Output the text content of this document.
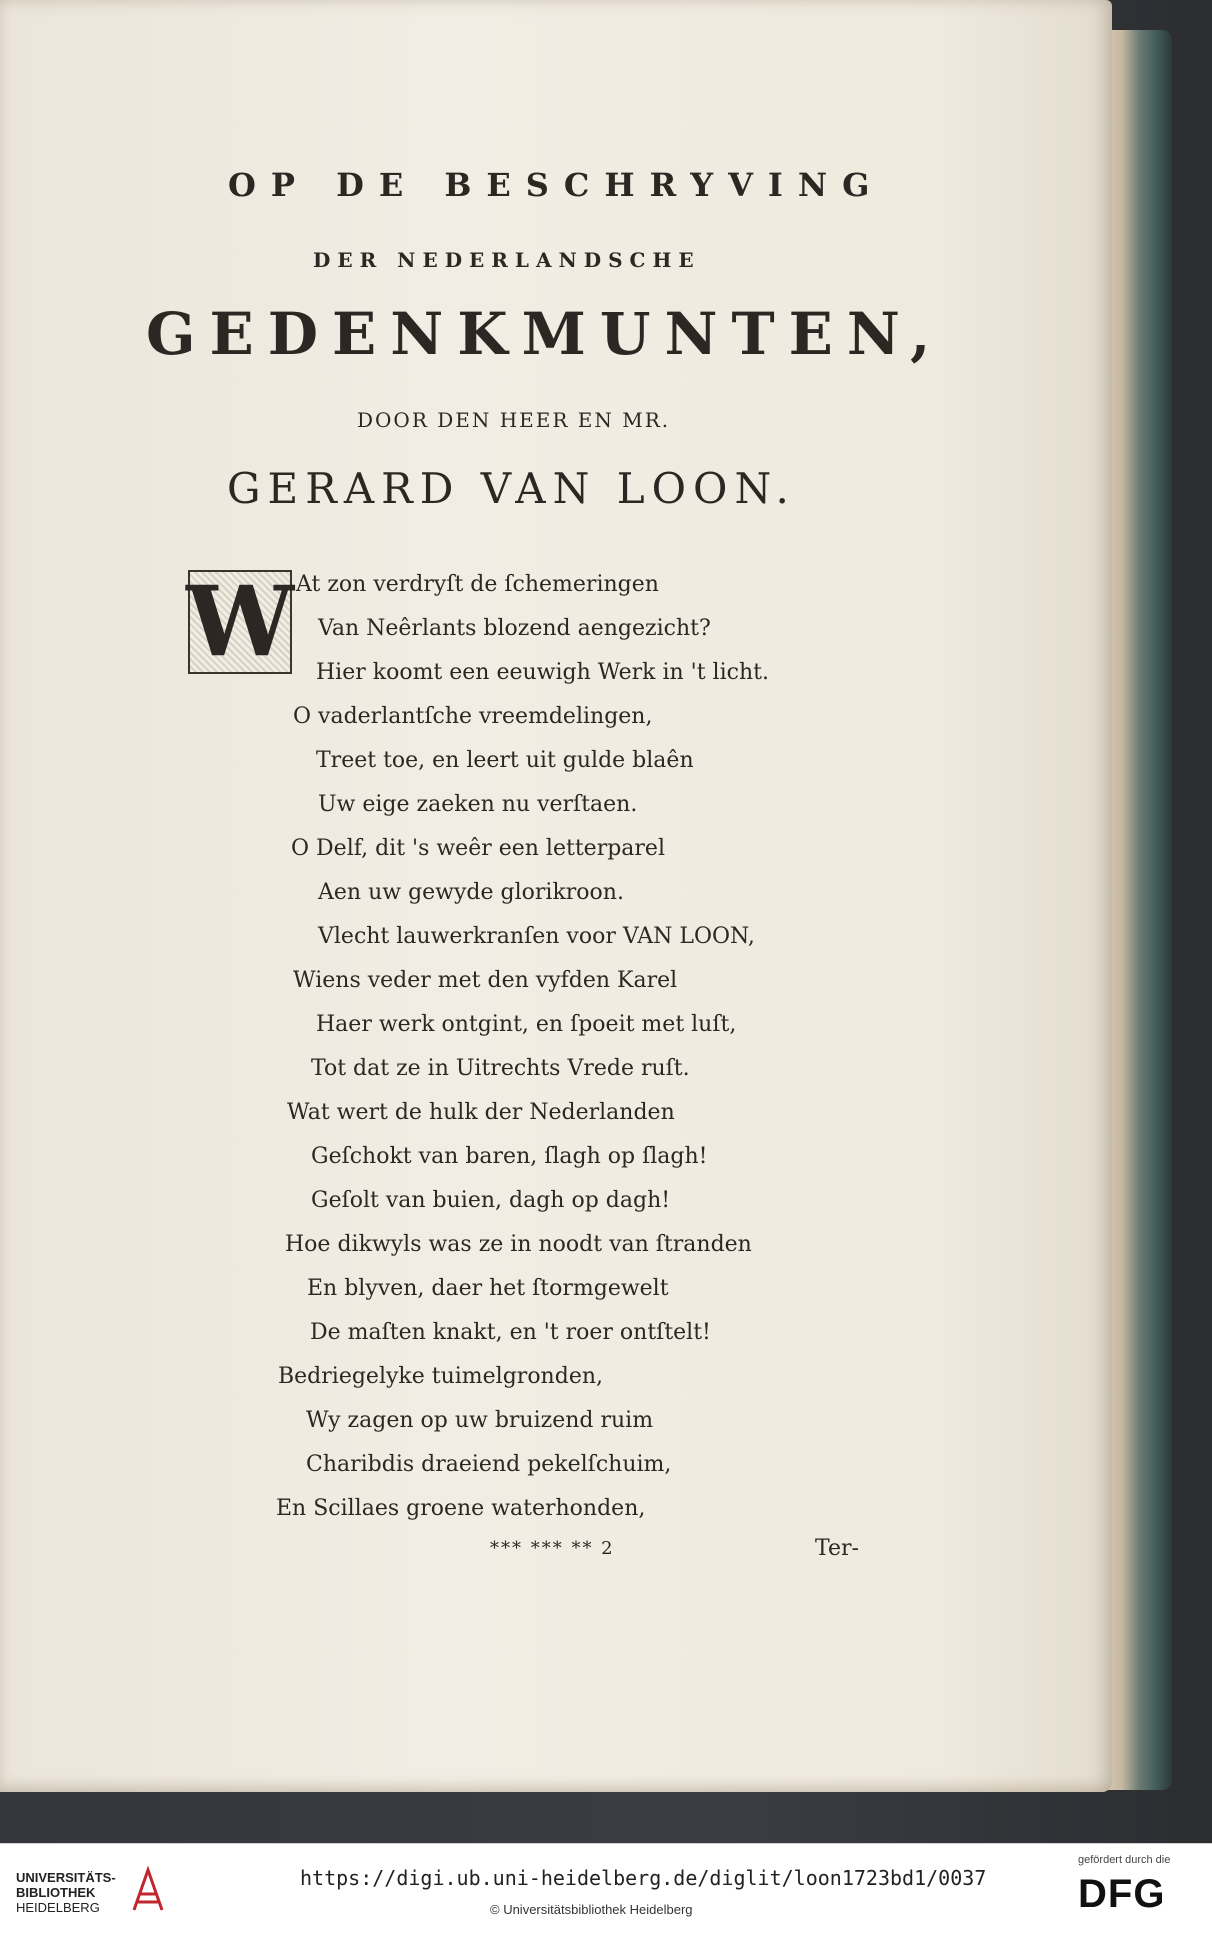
OP DE BESCHRYVING
DER NEDERLANDSCHE
GEDENKMUNTEN,
DOOR DEN HEER EN MR.
GERARD VAN LOON.
W At zon verdryſt de ſchemeringen
Van Neêrlants blozend aengezicht?
Hier koomt een eeuwigh Werk in 't licht.
O vaderlantſche vreemdelingen,
Treet toe, en leert uit gulde blaên
Uw eige zaeken nu verſtaen.
O Delf, dit 's weêr een letterparel
Aen uw gewyde glorikroon.
Vlecht lauwerkranſen voor VAN LOON,
Wiens veder met den vyfden Karel
Haer werk ontgint, en ſpoeit met luſt,
Tot dat ze in Uitrechts Vrede ruſt.
Wat wert de hulk der Nederlanden
Geſchokt van baren, ſlagh op ſlagh!
Geſolt van buien, dagh op dagh!
Hoe dikwyls was ze in noodt van ſtranden
En blyven, daer het ſtormgewelt
De maſten knakt, en 't roer ontſtelt!
Bedriegelyke tuimelgronden,
Wy zagen op uw bruizend ruim
Charibdis draeiend pekelſchuim,
En Scillaes groene waterhonden,
*** *** ** 2	Ter-
UNIVERSITÄTS-
BIBLIOTHEK
HEIDELBERG
https://digi.ub.uni-heidelberg.de/diglit/loon1723bd1/0037
© Universitätsbibliothek Heidelberg
gefördert durch die
DFG
